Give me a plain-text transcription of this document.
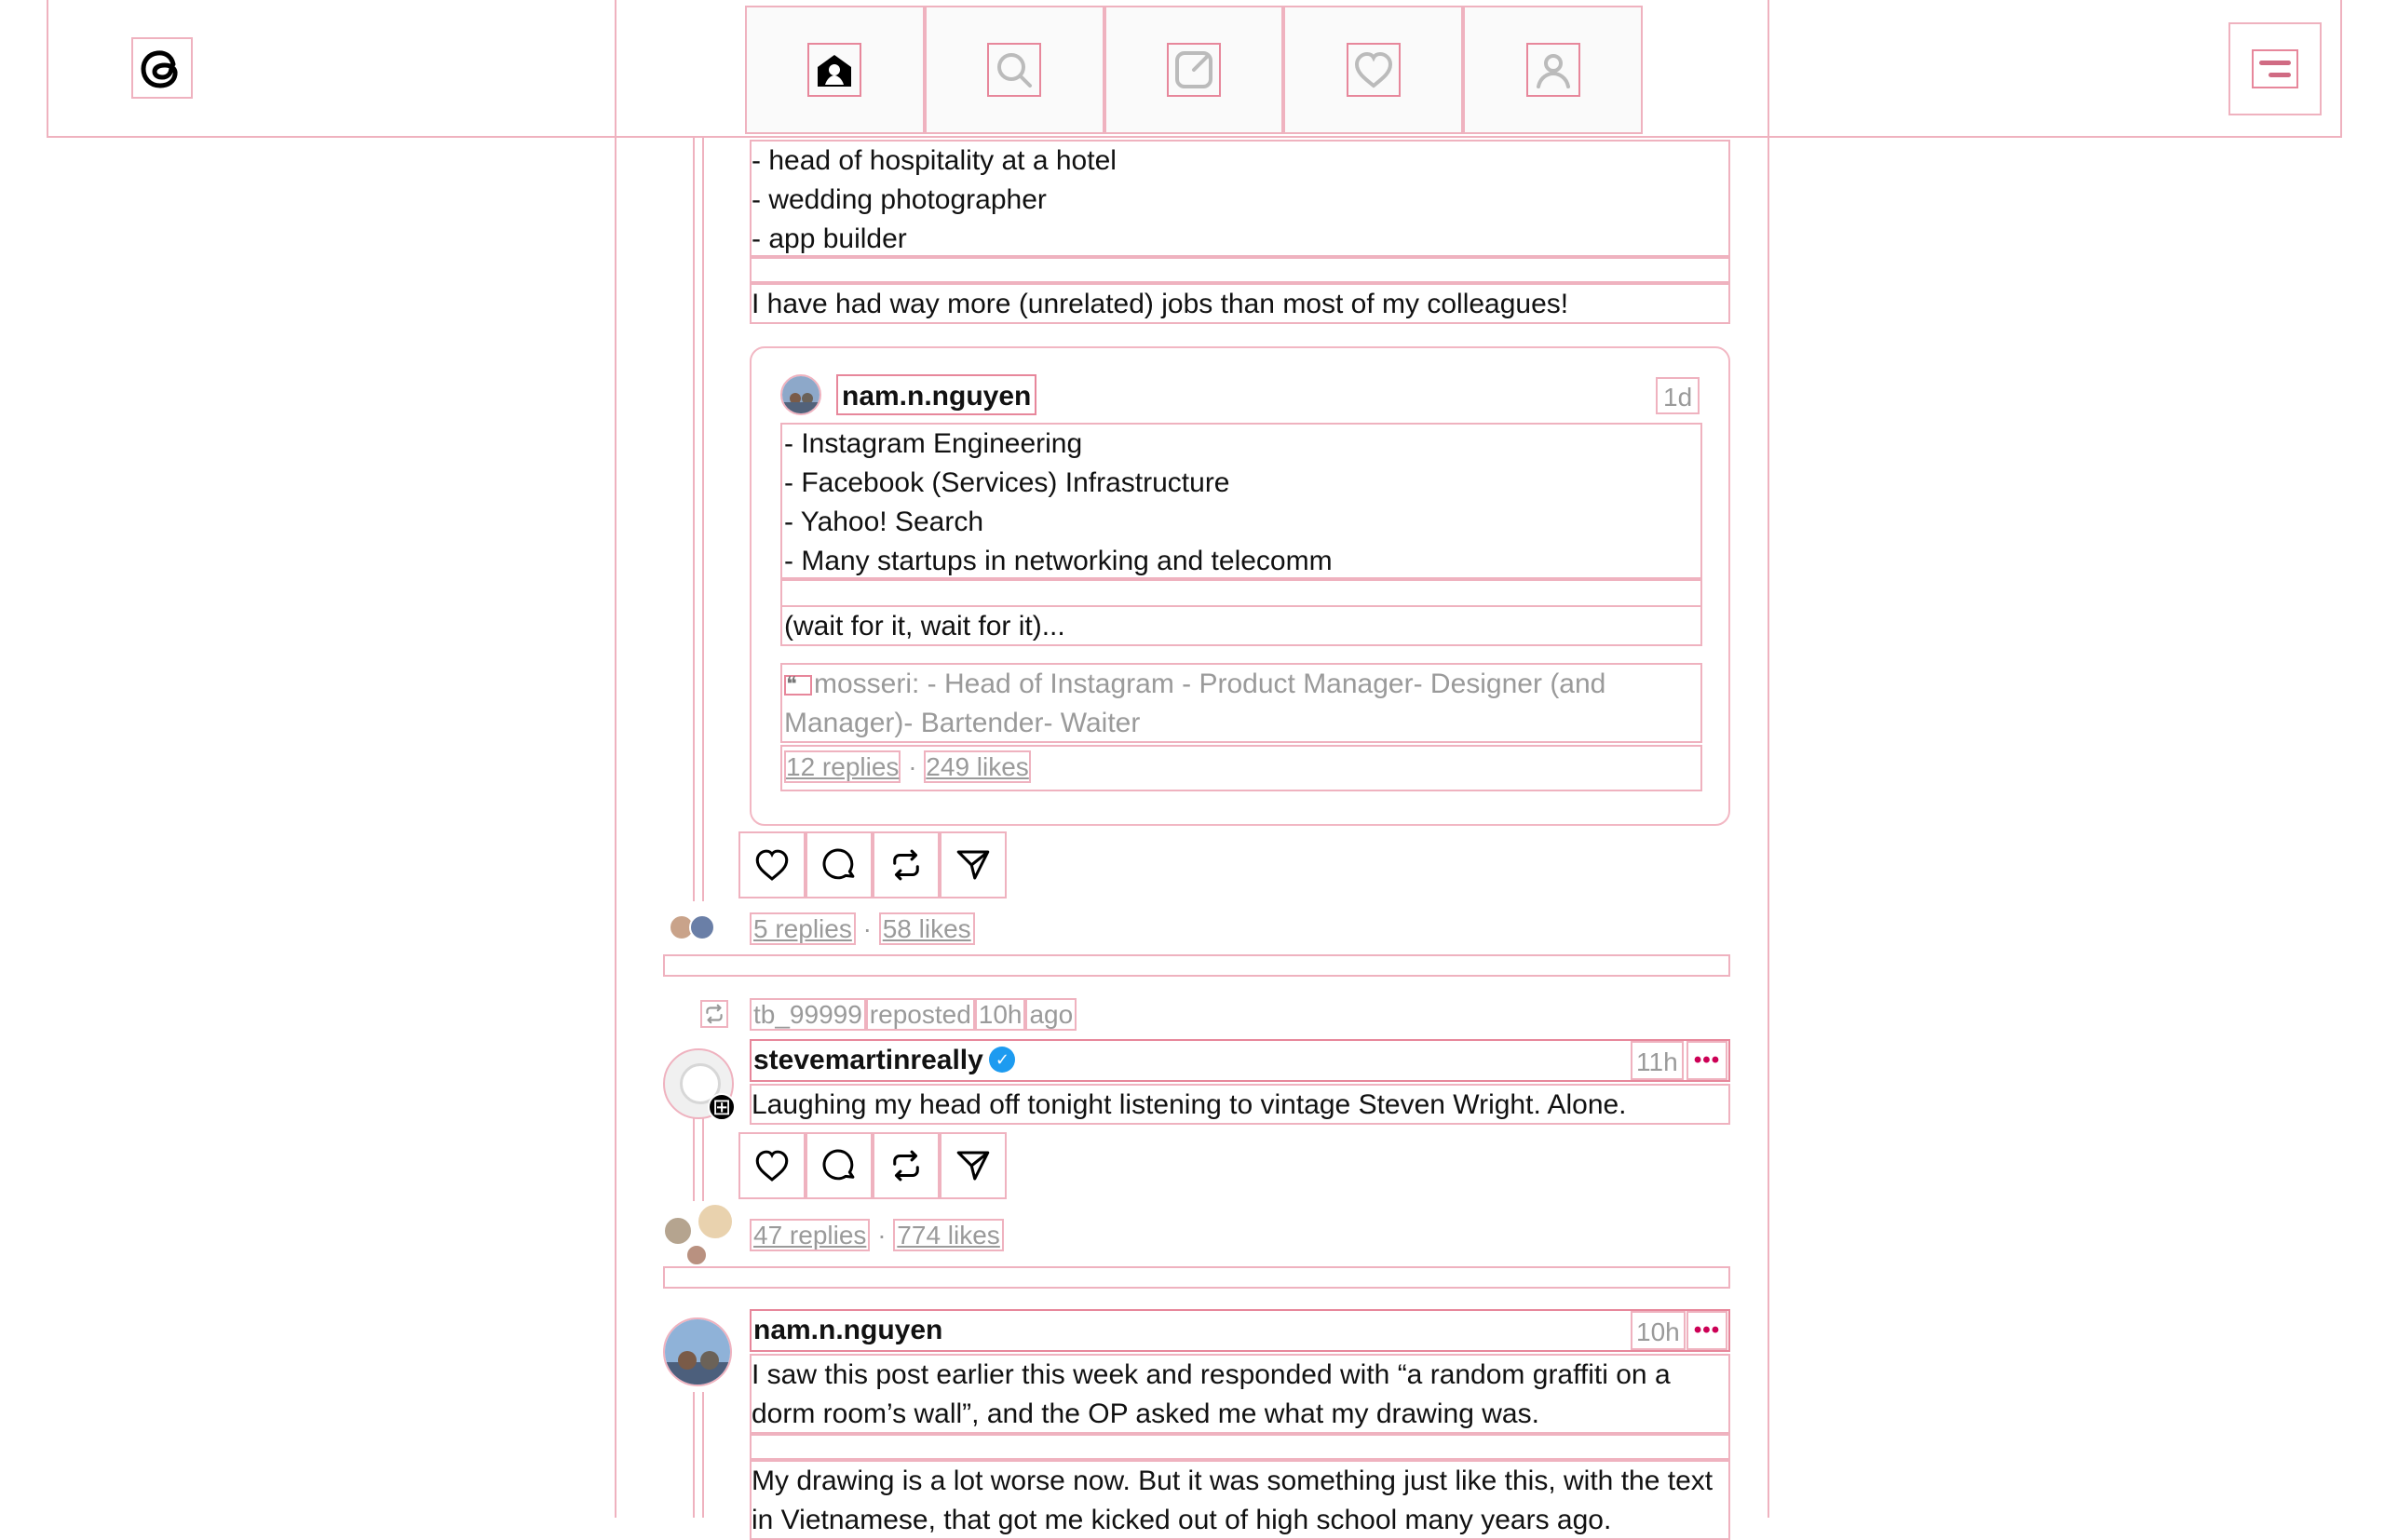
- head of hospitality at a hotel
- wedding photographer
- app builder
I have had way more (unrelated) jobs than most of my colleagues!
nam.n.nguyen	1d
- Instagram Engineering
- Facebook (Services) Infrastructure
- Yahoo! Search
- Many startups in networking and telecomm
(wait for it, wait for it)...
❝ mosseri: - Head of Instagram - Product Manager- Designer (and Manager)- Bartender- Waiter
12 replies · 249 likes
5 replies · 58 likes
tb_99999 reposted 10h ago
⊞
stevemartinreally✓	11h •••
Laughing my head off tonight listening to vintage Steven Wright. Alone.
47 replies · 774 likes
nam.n.nguyen	10h •••
I saw this post earlier this week and responded with “a random graffiti on a dorm room’s wall”, and the OP asked me what my drawing was.
My drawing is a lot worse now. But it was something just like this, with the text in Vietnamese, that got me kicked out of high school many years ago.
